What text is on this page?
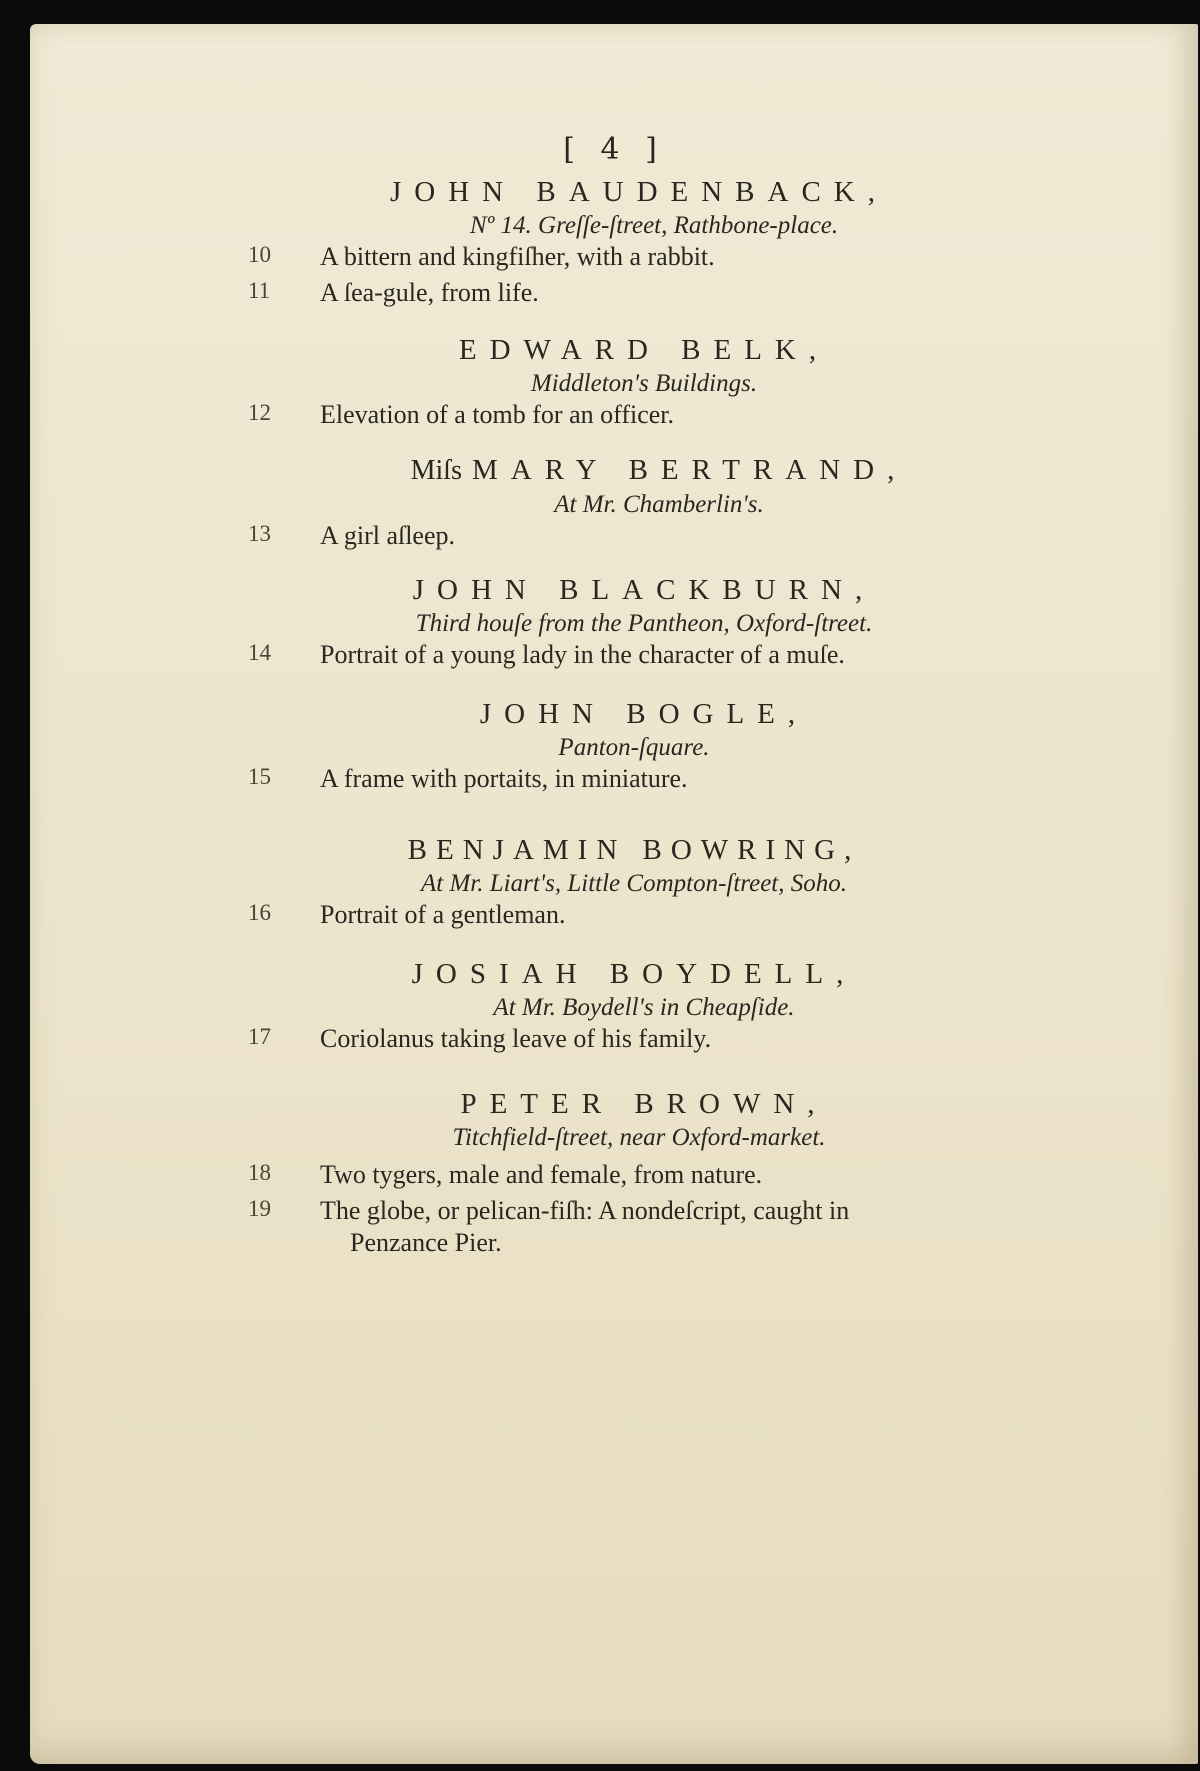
[ 4 ]
JOHN BAUDENBACK,
Nº 14. Greſſe-ſtreet, Rathbone-place.
10 A bittern and kingfiſher, with a rabbit.
11 A ſea-gule, from life.
EDWARD BELK,
Middleton's Buildings.
12 Elevation of a tomb for an officer.
Miſs MARY BERTRAND,
At Mr. Chamberlin's.
13 A girl aſleep.
JOHN BLACKBURN,
Third houſe from the Pantheon, Oxford-ſtreet.
14 Portrait of a young lady in the character of a muſe.
JOHN BOGLE,
Panton-ſquare.
15 A frame with portaits, in miniature.
BENJAMIN BOWRING,
At Mr. Liart's, Little Compton-ſtreet, Soho.
16 Portrait of a gentleman.
JOSIAH BOYDELL,
At Mr. Boydell's in Cheapſide.
17 Coriolanus taking leave of his family.
PETER BROWN,
Titchfield-ſtreet, near Oxford-market.
18 Two tygers, male and female, from nature.
19 The globe, or pelican-fiſh: A nondeſcript, caught in
Penzance Pier.
